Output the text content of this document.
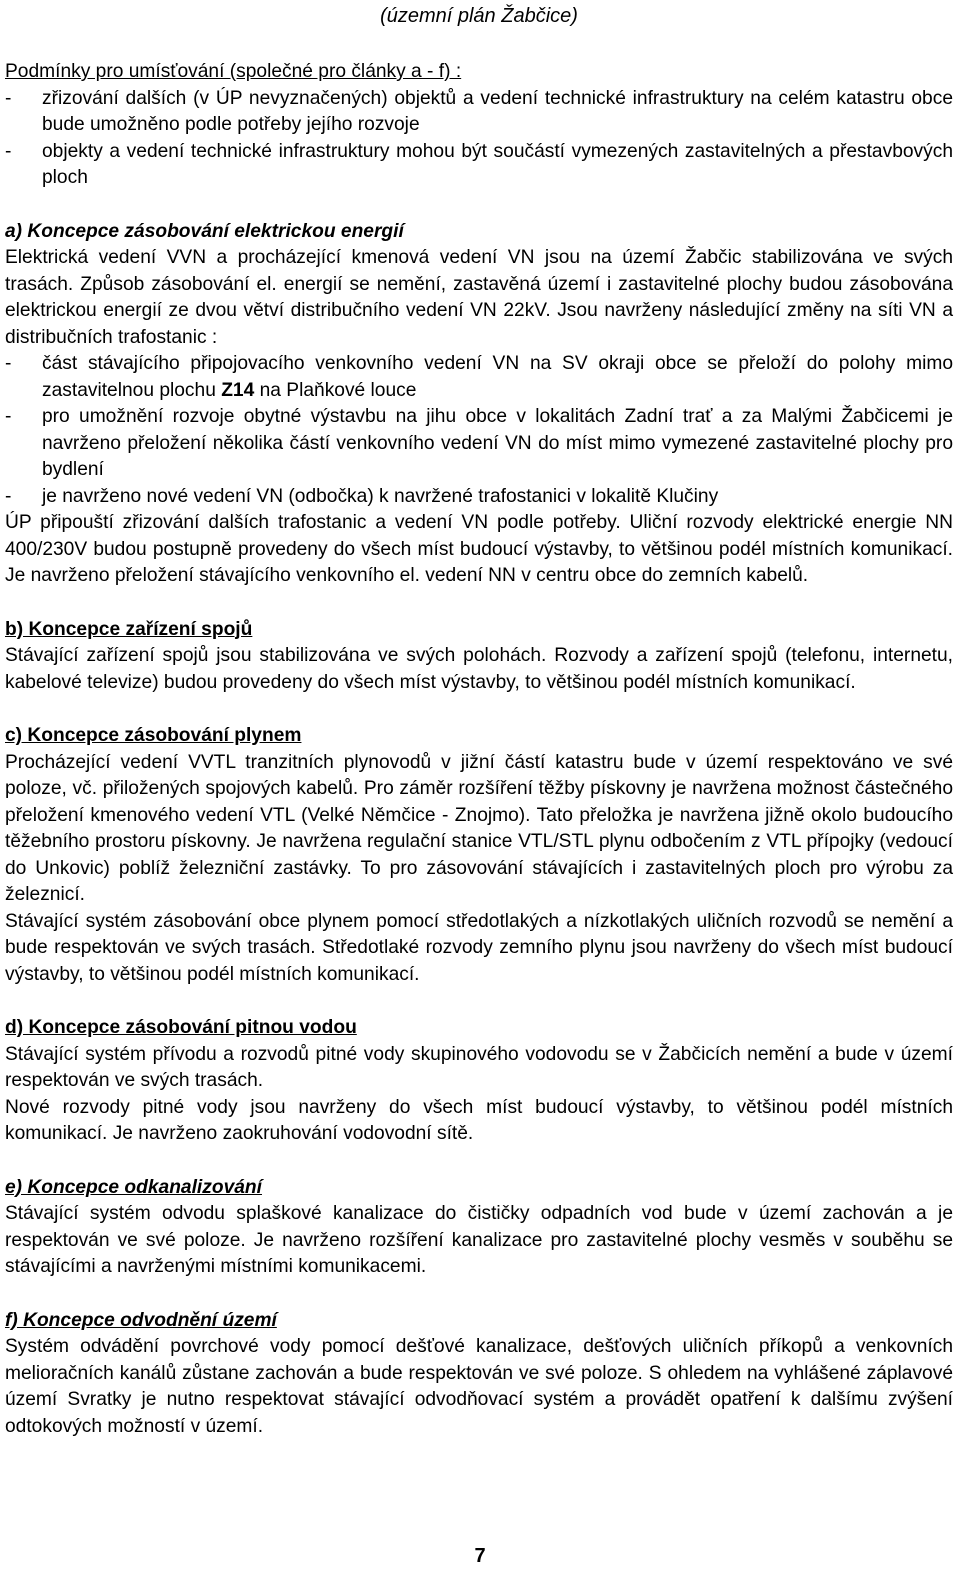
(územní plán Žabčice)

Podmínky pro umísťování (společné pro články a - f) :

- zřizování dalších (v ÚP nevyznačených) objektů a vedení technické infrastruktury na celém katastru obce bude umožněno podle potřeby jejího rozvoje
- objekty a vedení technické infrastruktury mohou být součástí vymezených zastavitelných a přestavbových ploch
a) Koncepce zásobování elektrickou energií

Elektrická vedení VVN a procházející kmenová vedení VN jsou na území Žabčic stabilizována ve svých trasách. Způsob zásobování el. energií se nemění, zastavěná území i zastavitelné plochy budou zásobována elektrickou energií ze dvou větví distribučního vedení VN 22kV. Jsou navrženy následující změny na síti VN a distribučních trafostanic :

- část stávajícího připojovacího venkovního vedení VN na SV okraji obce se přeloží do polohy mimo zastavitelnou plochu Z14 na Plaňkové louce
- pro umožnění rozvoje obytné výstavbu na jihu obce v lokalitách Zadní trať a za Malými Žabčicemi je navrženo přeložení několika částí venkovního vedení VN do míst mimo vymezené zastavitelné plochy pro bydlení
- je navrženo nové vedení VN (odbočka) k navržené trafostanici v lokalitě Klučiny

ÚP připouští zřizování dalších trafostanic a vedení VN podle potřeby. Uliční rozvody elektrické energie NN 400/230V budou postupně provedeny do všech míst budoucí výstavby, to většinou podél místních komunikací. Je navrženo přeložení stávajícího venkovního el. vedení NN v centru obce do zemních kabelů.

b) Koncepce zařízení spojů

Stávající zařízení spojů jsou stabilizována ve svých polohách. Rozvody a zařízení spojů (telefonu, internetu, kabelové televize) budou provedeny do všech míst výstavby, to většinou podél místních komunikací.

c) Koncepce zásobování plynem

Procházející vedení VVTL tranzitních plynovodů v jižní částí katastru bude v území respektováno ve své poloze, vč. přiložených spojových kabelů. Pro záměr rozšíření těžby pískovny je navržena možnost částečného přeložení kmenového vedení VTL (Velké Němčice - Znojmo). Tato přeložka je navržena jižně okolo budoucího těžebního prostoru pískovny. Je navržena regulační stanice VTL/STL plynu odbočením z VTL přípojky (vedoucí do Unkovic) poblíž železniční zastávky. To pro zásovování stávajících i zastavitelných ploch pro výrobu za železnicí.

Stávající systém zásobování obce plynem pomocí středotlakých a nízkotlakých uličních rozvodů se nemění a bude respektován ve svých trasách. Středotlaké rozvody zemního plynu jsou navrženy do všech míst budoucí výstavby, to většinou podél místních komunikací.

d) Koncepce zásobování pitnou vodou

Stávající systém přívodu a rozvodů pitné vody skupinového vodovodu se v Žabčicích nemění a bude v území respektován ve svých trasách.

Nové rozvody pitné vody jsou navrženy do všech míst budoucí výstavby, to většinou podél místních komunikací. Je navrženo zaokruhování vodovodní sítě.

e) Koncepce odkanalizování

Stávající systém odvodu splaškové kanalizace do čističky odpadních vod bude v území zachován a je respektován ve své poloze. Je navrženo rozšíření kanalizace pro zastavitelné plochy vesměs v souběhu se stávajícími a navrženými místními komunikacemi.

f) Koncepce odvodnění území

Systém odvádění povrchové vody pomocí dešťové kanalizace, dešťových uličních příkopů a venkovních melioračních kanálů zůstane zachován a bude respektován ve své poloze. S ohledem na vyhlášené záplavové území Svratky je nutno respektovat stávající odvodňovací systém a provádět opatření k dalšímu zvýšení odtokových možností v území.

7
